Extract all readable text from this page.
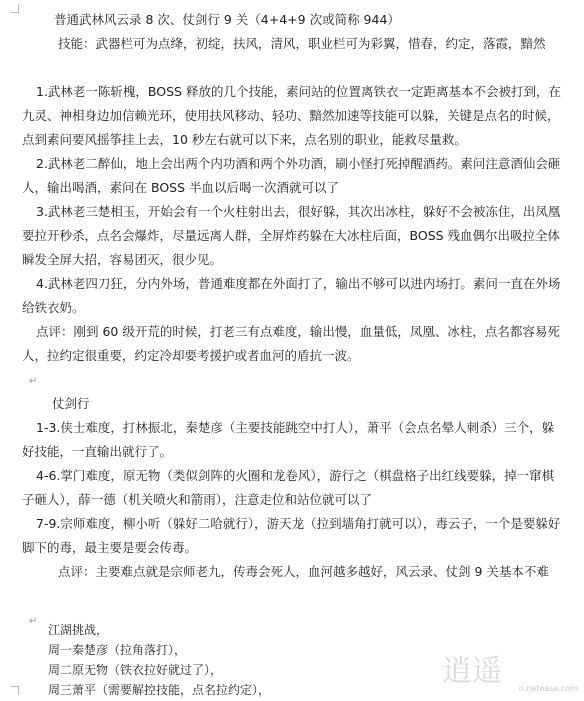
普通武林风云录 8 次、仗剑行 9 关（4+4+9 次或简称 944）

技能：武器栏可为点绛，初绽，扶风，清风，职业栏可为彩翼，惜春，约定，落霞，黯然

1.武林老一陈斩槐，BOSS 释放的几个技能，素问站的位置离铁衣一定距离基本不会被打到，在九灵、神相身边加信赖光环，使用扶风移动、轻功、黯然加速等技能可以躲，关键是点名的时候，点到素问要风摇筝挂上去，10 秒左右就可以下来，点名别的职业，能救尽量救。

2.武林老二醉仙，地上会出两个内功酒和两个外功酒，刷小怪打死掉醒酒药。素问注意酒仙会砸人，输出喝酒，素问在 BOSS 半血以后喝一次酒就可以了

3.武林老三楚相玉，开始会有一个火柱射出去，很好躲，其次出冰柱，躲好不会被冻住，出凤凰要拉开秒杀，点名会爆炸，尽量远离人群，全屏炸药躲在大冰柱后面，BOSS 残血偶尔出吸拉全体瞬发全屏大招，容易团灭，很少见。

4.武林老四刀狂，分内外场，普通难度都在外面打了，输出不够可以进内场打。素问一直在外场给铁衣奶。

点评：刚到 60 级开荒的时候，打老三有点难度，输出慢，血量低，凤凰、冰柱，点名都容易死人，拉约定很重要，约定冷却要考援护或者血河的盾抗一波。

↵

仗剑行

1-3.侠士难度，打林振北，秦楚彦（主要技能跳空中打人），萧平（会点名晕人刺杀）三个，躲好技能，一直输出就行了。

4-6.掌门难度，原无物（类似剑阵的火圈和龙卷风），游行之（棋盘格子出红线要躲，掉一窜棋子砸人），薛一德（机关喷火和箭雨），注意走位和站位就可以了

7-9.宗师难度，柳小听（躲好二哈就行），游天龙（拉到墙角打就可以），毒云子，一个是要躲好脚下的毒，最主要是要会传毒。

点评：主要难点就是宗师老九，传毒会死人，血河越多越好，风云录、仗剑 9 关基本不难

↵

江湖挑战，

周一秦楚彦（拉角落打），

周二原无物（铁衣拉好就过了），

周三萧平（需要解控技能，点名拉约定），

逍遥 n.netease.com
